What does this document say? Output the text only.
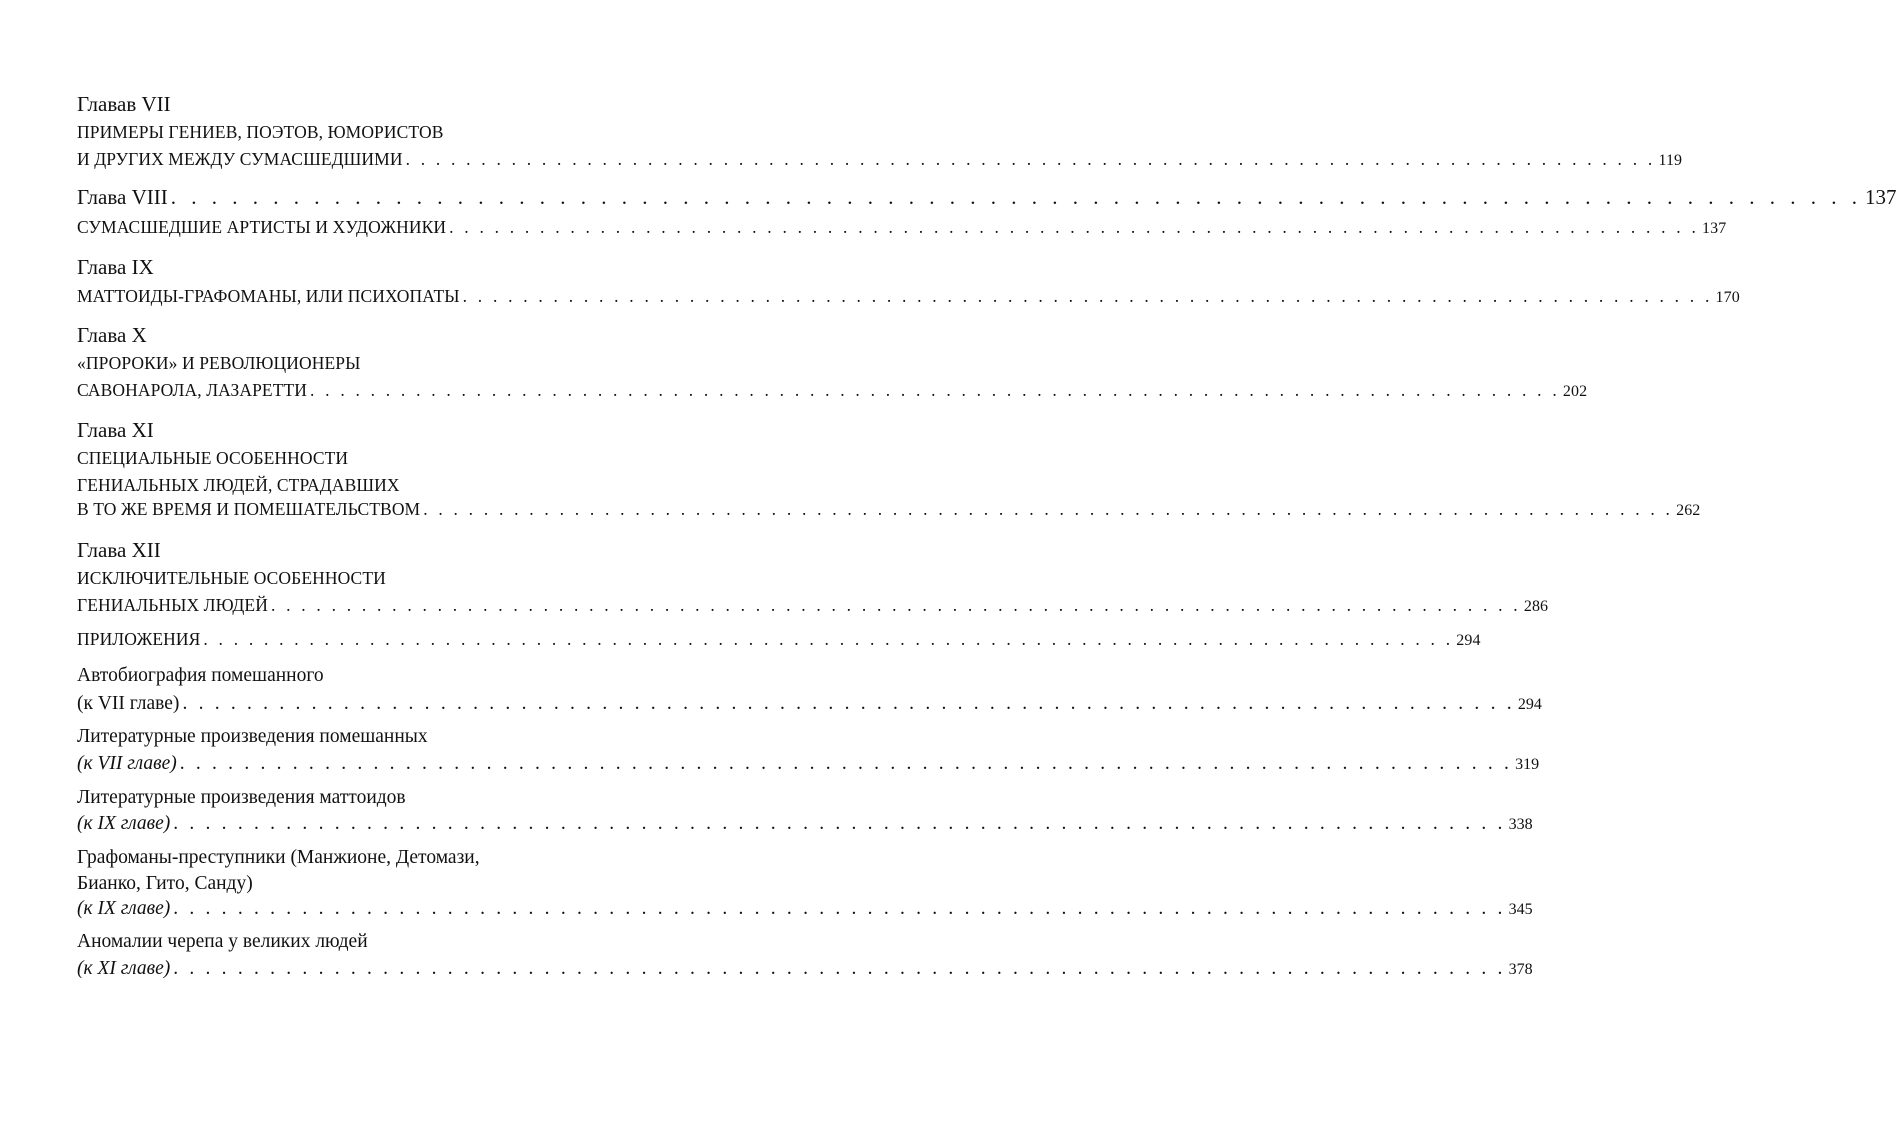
Главав VII
ПРИМЕРЫ ГЕНИЕВ, ПОЭТОВ, ЮМОРИСТОВ
И ДРУГИХ МЕЖДУ СУМАСШЕДШИМИ . . . . . . . . . . . . . . . . . . . . . . . . . . . . . . . . . . . . . . . . . . . . . . . . . . . . . . . . . . . . . . . . . . . . . . . . . . . . . . . . . . . 119
Глава VIII . . . . . . . . . . . . . . . . . . . . . . . . . . . . . . . . . . . . . . . . . . . . . . . . . . . . . . . . . . . . . . . . . . . . . . . . . . . . . . . . . . . 137
СУМАСШЕДШИЕ АРТИСТЫ И ХУДОЖНИКИ . . . . . . . . . . . . . . . . . . . . . . . . . . . . . . . . . . . . . . . . . . . . . . . . . . . . . . . . . . . . . . . . . . . . . . . . . . . . . . . . . . . 137
Глава IX
МАТТОИДЫ-ГРАФОМАНЫ, ИЛИ ПСИХОПАТЫ . . . . . . . . . . . . . . . . . . . . . . . . . . . . . . . . . . . . . . . . . . . . . . . . . . . . . . . . . . . . . . . . . . . . . . . . . . . . . . . . . . . 170
Глава X
«ПРОРОКИ» И РЕВОЛЮЦИОНЕРЫ
САВОНАРОЛА, ЛАЗАРЕТТИ . . . . . . . . . . . . . . . . . . . . . . . . . . . . . . . . . . . . . . . . . . . . . . . . . . . . . . . . . . . . . . . . . . . . . . . . . . . . . . . . . . . 202
Глава XI
СПЕЦИАЛЬНЫЕ ОСОБЕННОСТИ
ГЕНИАЛЬНЫХ ЛЮДЕЙ, СТРАДАВШИХ
В ТО ЖЕ ВРЕМЯ И ПОМЕШАТЕЛЬСТВОМ . . . . . . . . . . . . . . . . . . . . . . . . . . . . . . . . . . . . . . . . . . . . . . . . . . . . . . . . . . . . . . . . . . . . . . . . . . . . . . . . . . . 262
Глава XII
ИСКЛЮЧИТЕЛЬНЫЕ ОСОБЕННОСТИ
ГЕНИАЛЬНЫХ ЛЮДЕЙ . . . . . . . . . . . . . . . . . . . . . . . . . . . . . . . . . . . . . . . . . . . . . . . . . . . . . . . . . . . . . . . . . . . . . . . . . . . . . . . . . . . 286
ПРИЛОЖЕНИЯ . . . . . . . . . . . . . . . . . . . . . . . . . . . . . . . . . . . . . . . . . . . . . . . . . . . . . . . . . . . . . . . . . . . . . . . . . . . . . . . . . . . 294
Автобиография помешанного
(к VII главе) . . . . . . . . . . . . . . . . . . . . . . . . . . . . . . . . . . . . . . . . . . . . . . . . . . . . . . . . . . . . . . . . . . . . . . . . . . . . . . . . . . . 294
Литературные произведения помешанных
(к VII главе) . . . . . . . . . . . . . . . . . . . . . . . . . . . . . . . . . . . . . . . . . . . . . . . . . . . . . . . . . . . . . . . . . . . . . . . . . . . . . . . . . . . 319
Литературные произведения маттоидов
(к IX главе) . . . . . . . . . . . . . . . . . . . . . . . . . . . . . . . . . . . . . . . . . . . . . . . . . . . . . . . . . . . . . . . . . . . . . . . . . . . . . . . . . . . 338
Графоманы-преступники (Манжионе, Детомази,
Бианко, Гито, Санду)
(к IX главе) . . . . . . . . . . . . . . . . . . . . . . . . . . . . . . . . . . . . . . . . . . . . . . . . . . . . . . . . . . . . . . . . . . . . . . . . . . . . . . . . . . . 345
Аномалии черепа у великих людей
(к XI главе) . . . . . . . . . . . . . . . . . . . . . . . . . . . . . . . . . . . . . . . . . . . . . . . . . . . . . . . . . . . . . . . . . . . . . . . . . . . . . . . . . . . 378
